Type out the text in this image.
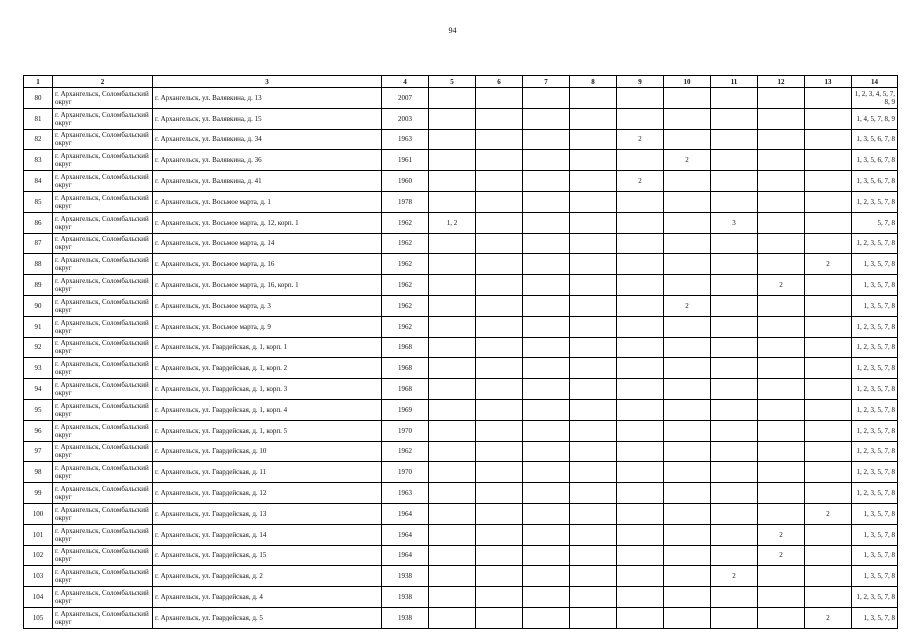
94
1	2	3	4	5	6	7	8	9	10	11	12	13	14
80	г. Архангельск, Соломбальский округ	г. Архангельск, ул. Валявкина, д. 13	2007										1, 2, 3, 4, 5, 7, 8, 9
81	г. Архангельск, Соломбальский округ	г. Архангельск, ул. Валявкина, д. 15	2003										1, 4, 5, 7, 8, 9
82	г. Архангельск, Соломбальский округ	г. Архангельск, ул. Валявкина, д. 34	1963					2					1, 3, 5, 6, 7, 8
83	г. Архангельск, Соломбальский округ	г. Архангельск, ул. Валявкина, д. 36	1961						2				1, 3, 5, 6, 7, 8
84	г. Архангельск, Соломбальский округ	г. Архангельск, ул. Валявкина, д. 41	1960					2					1, 3, 5, 6, 7, 8
85	г. Архангельск, Соломбальский округ	г. Архангельск, ул. Восьмое марта, д. 1	1978										1, 2, 3, 5, 7, 8
86	г. Архангельск, Соломбальский округ	г. Архангельск, ул. Восьмое марта, д. 12, корп. 1	1962	1, 2						3			5, 7, 8
87	г. Архангельск, Соломбальский округ	г. Архангельск, ул. Восьмое марта, д. 14	1962										1, 2, 3, 5, 7, 8
88	г. Архангельск, Соломбальский округ	г. Архангельск, ул. Восьмое марта, д. 16	1962									2	1, 3, 5, 7, 8
89	г. Архангельск, Соломбальский округ	г. Архангельск, ул. Восьмое марта, д. 16, корп. 1	1962								2		1, 3, 5, 7, 8
90	г. Архангельск, Соломбальский округ	г. Архангельск, ул. Восьмое марта, д. 3	1962						2				1, 3, 5, 7, 8
91	г. Архангельск, Соломбальский округ	г. Архангельск, ул. Восьмое марта, д. 9	1962										1, 2, 3, 5, 7, 8
92	г. Архангельск, Соломбальский округ	г. Архангельск, ул. Гвардейская, д. 1, корп. 1	1968										1, 2, 3, 5, 7, 8
93	г. Архангельск, Соломбальский округ	г. Архангельск, ул. Гвардейская, д. 1, корп. 2	1968										1, 2, 3, 5, 7, 8
94	г. Архангельск, Соломбальский округ	г. Архангельск, ул. Гвардейская, д. 1, корп. 3	1968										1, 2, 3, 5, 7, 8
95	г. Архангельск, Соломбальский округ	г. Архангельск, ул. Гвардейская, д. 1, корп. 4	1969										1, 2, 3, 5, 7, 8
96	г. Архангельск, Соломбальский округ	г. Архангельск, ул. Гвардейская, д. 1, корп. 5	1970										1, 2, 3, 5, 7, 8
97	г. Архангельск, Соломбальский округ	г. Архангельск, ул. Гвардейская, д. 10	1962										1, 2, 3, 5, 7, 8
98	г. Архангельск, Соломбальский округ	г. Архангельск, ул. Гвардейская, д. 11	1970										1, 2, 3, 5, 7, 8
99	г. Архангельск, Соломбальский округ	г. Архангельск, ул. Гвардейская, д. 12	1963										1, 2, 3, 5, 7, 8
100	г. Архангельск, Соломбальский округ	г. Архангельск, ул. Гвардейская, д. 13	1964									2	1, 3, 5, 7, 8
101	г. Архангельск, Соломбальский округ	г. Архангельск, ул. Гвардейская, д. 14	1964								2		1, 3, 5, 7, 8
102	г. Архангельск, Соломбальский округ	г. Архангельск, ул. Гвардейская, д. 15	1964								2		1, 3, 5, 7, 8
103	г. Архангельск, Соломбальский округ	г. Архангельск, ул. Гвардейская, д. 2	1938							2			1, 3, 5, 7, 8
104	г. Архангельск, Соломбальский округ	г. Архангельск, ул. Гвардейская, д. 4	1938										1, 2, 3, 5, 7, 8
105	г. Архангельск, Соломбальский округ	г. Архангельск, ул. Гвардейская, д. 5	1938									2	1, 3, 5, 7, 8
